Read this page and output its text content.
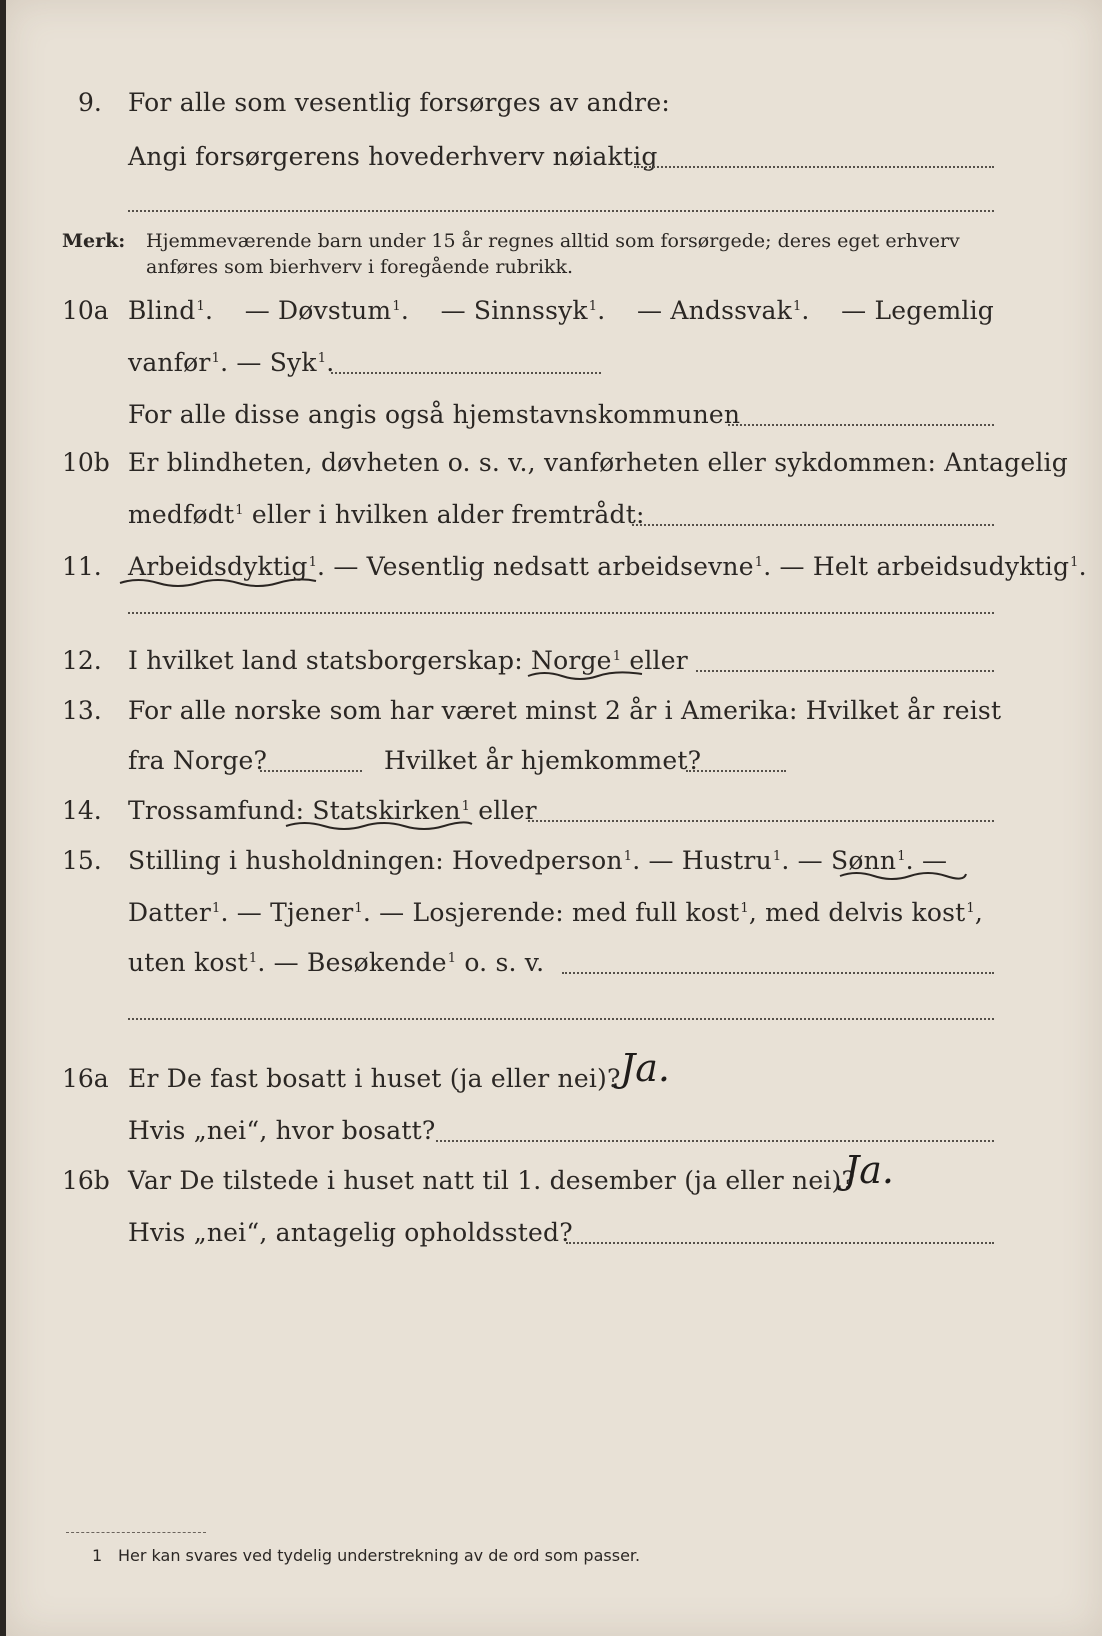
9. For alle som vesentlig forsørges av andre:
Angi forsørgerens hovederhverv nøiaktig
Merk: Hjemmeværende barn under 15 år regnes alltid som forsørgede; deres eget erhverv
anføres som bierhverv i foregående rubrikk.
10a Blind$^1$. — Døvstum$^1$. — Sinnssyk$^1$. — Andssvak$^1$. — Legemlig
vanfør$^1$. — Syk$^1$.
For alle disse angis også hjemstavnskommunen
10b Er blindheten, døvheten o. s. v., vanførheten eller sykdommen: Antagelig
medfødt$^1$ eller i hvilken alder fremtrådt:
11. Arbeidsdyktig$^1$. — Vesentlig nedsatt arbeidsevne$^1$. — Helt arbeidsudyktig$^1$.
12. I hvilket land statsborgerskap: Norge$^1$ eller
13. For alle norske som har været minst 2 år i Amerika: Hvilket år reist
fra Norge?	Hvilket år hjemkommet?
14. Trossamfund: Statskirken$^1$ eller
15. Stilling i husholdningen: Hovedperson$^1$. — Hustru$^1$. — Sønn$^1$. —
Datter$^1$. — Tjener$^1$. — Losjerende: med full kost$^1$, med delvis kost$^1$,
uten kost$^1$. — Besøkende$^1$ o. s. v.
16a Er De fast bosatt i huset (ja eller nei)? Ja.
Hvis „nei“, hvor bosatt?
16b Var De tilstede i huset natt til 1. desember (ja eller nei)?
Ja.
Hvis „nei“, antagelig opholdssted?
1 Her kan svares ved tydelig understrekning av de ord som passer.
